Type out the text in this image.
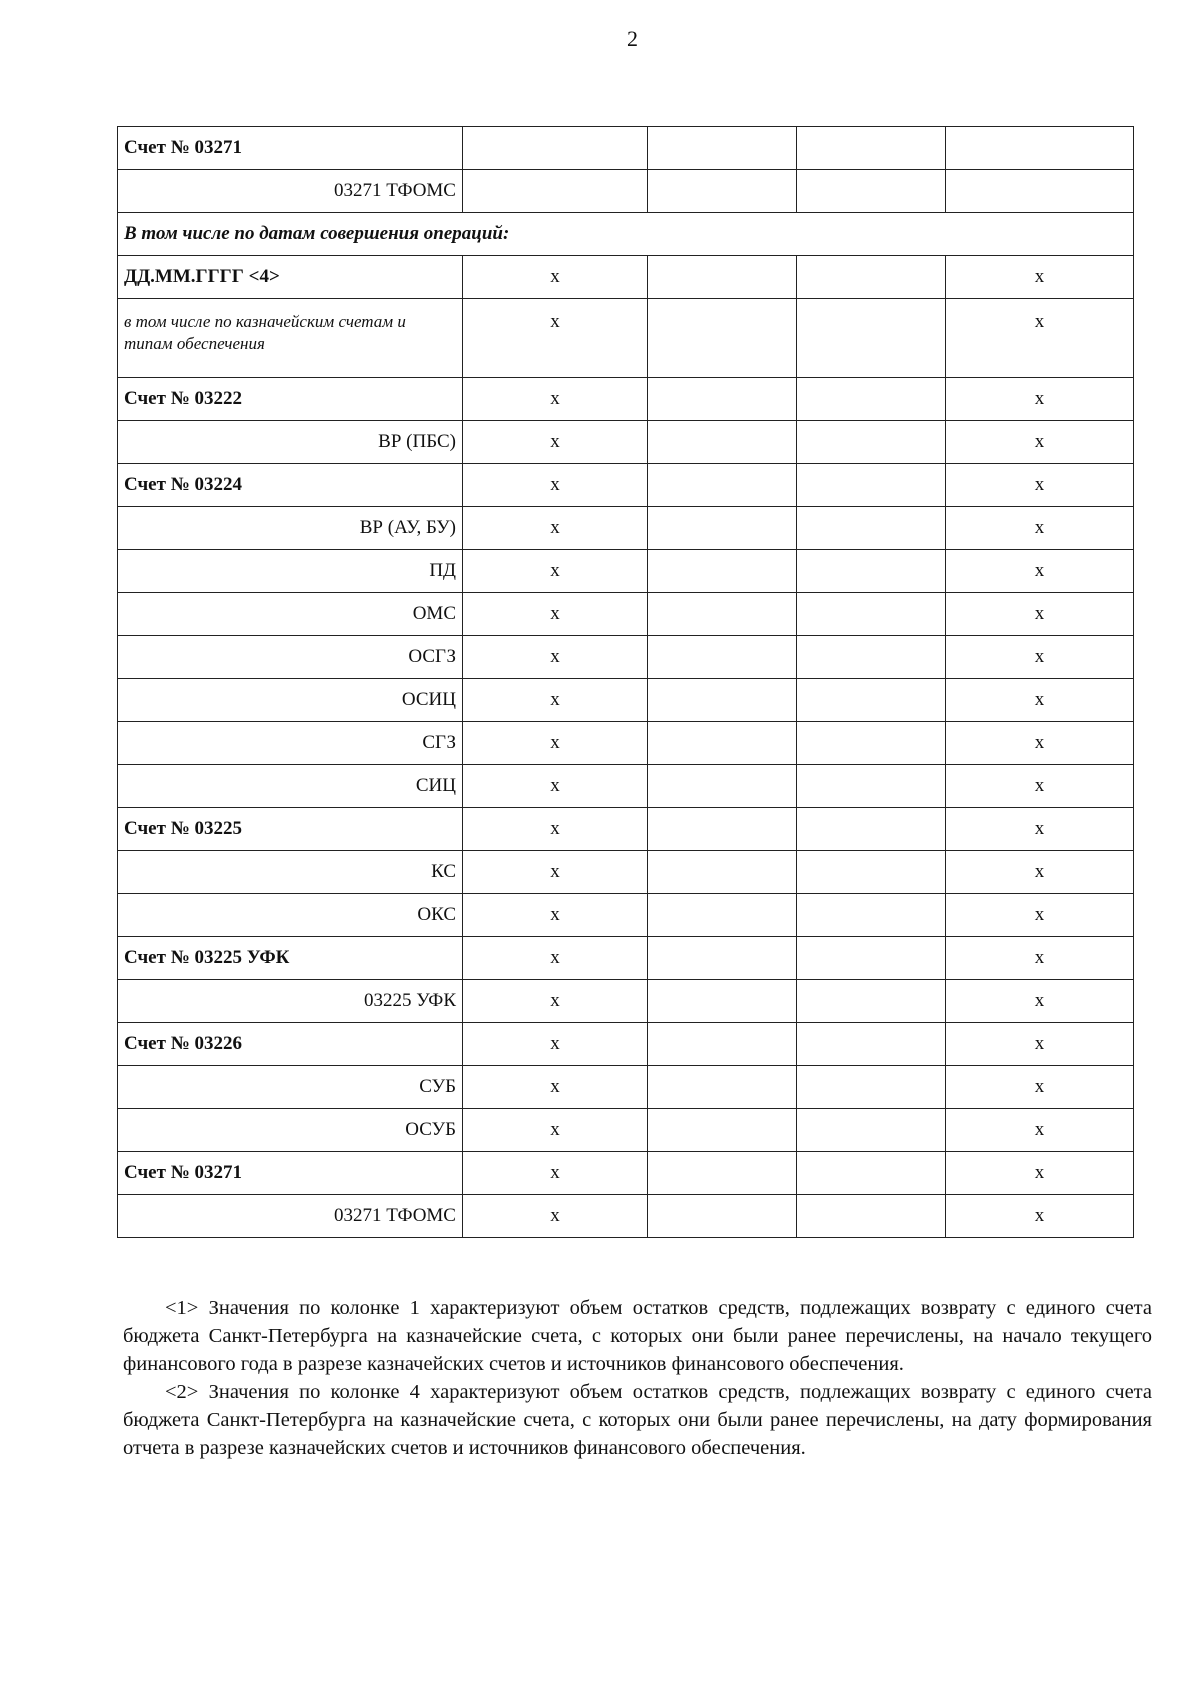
2
Счет № 03271				
03271 ТФОМС				
В том числе по датам совершения операций:				
ДД.ММ.ГГГГ <4>	x			x
в том числе по казначейским счетам и типам обеспечения	x			x
Счет № 03222	x			x
ВР (ПБС)	x			x
Счет № 03224	x			x
ВР (АУ, БУ)	x			x
ПД	x			x
ОМС	x			x
ОСГЗ	x			x
ОСИЦ	x			x
СГЗ	x			x
СИЦ	x			x
Счет № 03225	x			x
КС	x			x
ОКС	x			x
Счет № 03225 УФК	x			x
03225 УФК	x			x
Счет № 03226	x			x
СУБ	x			x
ОСУБ	x			x
Счет № 03271	x			x
03271 ТФОМС	x			x

<1> Значения по колонке 1 характеризуют объем остатков средств, подлежащих возврату с единого счета бюджета Санкт-Петербурга на казначейские счета, с которых они были ранее перечислены, на начало текущего финансового года в разрезе казначейских счетов и источников финансового обеспечения.

<2> Значения по колонке 4 характеризуют объем остатков средств, подлежащих возврату с единого счета бюджета Санкт-Петербурга на казначейские счета, с которых они были ранее перечислены, на дату формирования отчета в разрезе казначейских счетов и источников финансового обеспечения.
